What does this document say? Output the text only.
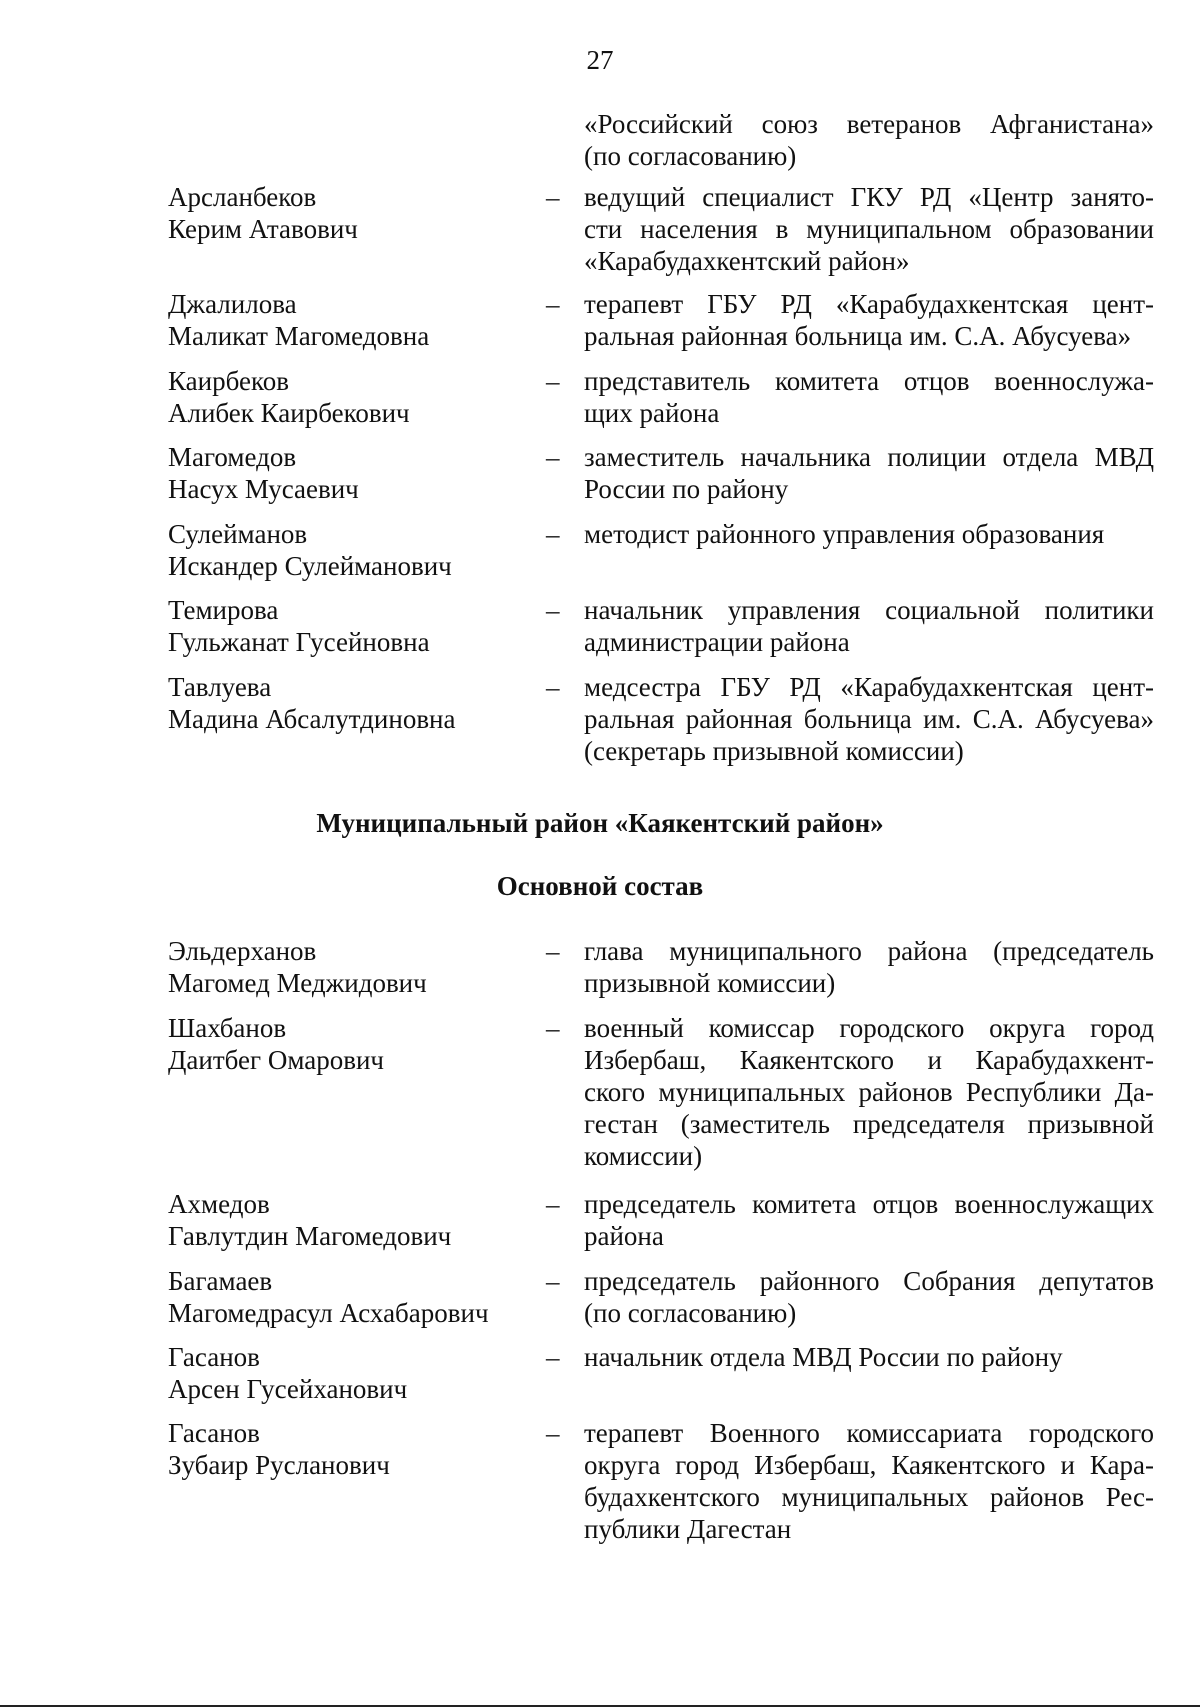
27
«Российский союз ветеранов Афганистана»
(по согласованию)
Арсланбеков
Керим Атавович
– ведущий специалист ГКУ РД «Центр занято-
сти населения в муниципальном образовании
«Карабудахкентский район»
Джалилова
Маликат Магомедовна
– терапевт ГБУ РД «Карабудахкентская цент-
ральная районная больница им. С.А. Абусуева»
Каирбеков
Алибек Каирбекович
– представитель комитета отцов военнослужа-
щих района
Магомедов
Насух Мусаевич
– заместитель начальника полиции отдела МВД
России по району
Сулейманов
Искандер Сулейманович
– методист районного управления образования
Темирова
Гульжанат Гусейновна
– начальник управления социальной политики
администрации района
Тавлуева
Мадина Абсалутдиновна
– медсестра ГБУ РД «Карабудахкентская цент-
ральная районная больница им. С.А. Абусуева»
(секретарь призывной комиссии)
Муниципальный район «Каякентский район»
Основной состав
Эльдерханов
Магомед Меджидович
– глава муниципального района (председатель
призывной комиссии)
Шахбанов
Даитбег Омарович
– военный комиссар городского округа город
Избербаш, Каякентского и Карабудахкент-
ского муниципальных районов Республики Да-
гестан (заместитель председателя призывной
комиссии)
Ахмедов
Гавлутдин Магомедович
– председатель комитета отцов военнослужащих
района
Багамаев
Магомедрасул Асхабарович
– председатель районного Собрания депутатов
(по согласованию)
Гасанов
Арсен Гусейханович
– начальник отдела МВД России по району
Гасанов
Зубаир Русланович
– терапевт Военного комиссариата городского
округа город Избербаш, Каякентского и Кара-
будахкентского муниципальных районов Рес-
публики Дагестан
